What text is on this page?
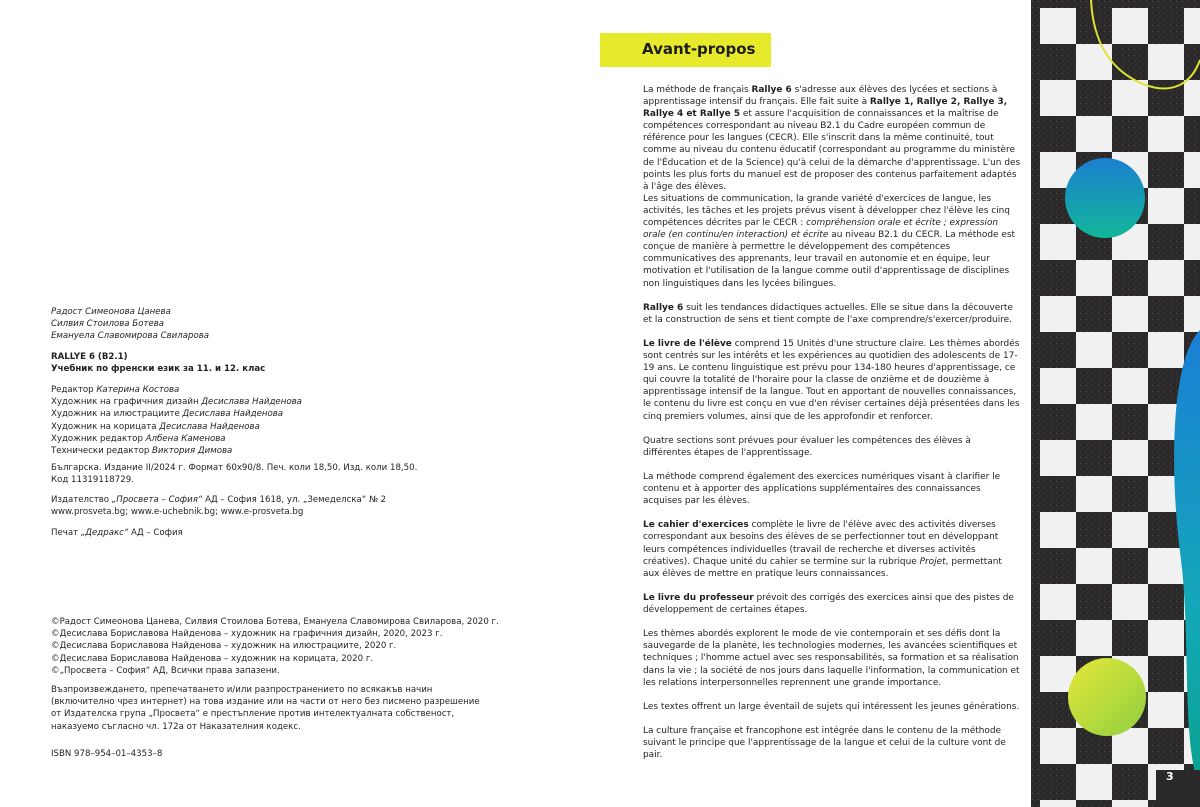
Радост Симеонова Цанева

Силвия Стоилова Ботева

Емануела Славомирова Свиларова

RALLYE 6 (B2.1)

Учебник по френски език за 11. и 12. клас

Редактор Катерина Костова

Художник на графичния дизайн Десислава Найденова

Художник на илюстрациите Десислава Найденова

Художник на корицата Десислава Найденова

Художник редактор Албена Каменова

Технически редактор Виктория Димова

Българска. Издание II/2024 г. Формат 60х90/8. Печ. коли 18,50. Изд. коли 18,50.

Код 11319118729.

Издателство „Просвета – София“ АД – София 1618, ул. „Земеделска“ № 2

www.prosveta.bg; www.e-uchebnik.bg; www.e-prosveta.bg

Печат „Дедракс“ АД – София

©Радост Симеонова Цанева, Силвия Стоилова Ботева, Емануела Славомирова Свиларова, 2020 г.

©Десислава Бориславова Найденова – художник на графичния дизайн, 2020, 2023 г.

©Десислава Бориславова Найденова – художник на илюстрациите, 2020 г.

©Десислава Бориславова Найденова – художник на корицата, 2020 г.

©„Просвета – София“ АД, Всички права запазени.

Възпроизвеждането, препечатването и/или разпространението по всякакъв начин

(включително чрез интернет) на това издание или на части от него без писмено разрешение

от Издателска група „Просвета“ е престъпление против интелектуалната собственост,

наказуемо съгласно чл. 172а от Наказателния кодекс.

ISBN 978–954–01–4353–8

Avant-propos

La méthode de français Rallye 6 s'adresse aux élèves des lycées et sections à apprentissage intensif du français. Elle fait suite à Rallye 1, Rallye 2, Rallye 3, Rallye 4 et Rallye 5 et assure l'acquisition de connaissances et la maîtrise de compétences correspondant au niveau B2.1 du Cadre européen commun de référence pour les langues (CECR). Elle s'inscrit dans la même continuité, tout comme au niveau du contenu éducatif (correspondant au programme du ministère de l'Éducation et de la Science) qu'à celui de la démarche d'apprentissage. L'un des points les plus forts du manuel est de proposer des contenus parfaitement adaptés à l'âge des élèves.
Les situations de communication, la grande variété d'exercices de langue, les activités, les tâches et les projets prévus visent à développer chez l'élève les cinq compétences décrites par le CECR : compréhension orale et écrite ; expression orale (en continu/en interaction) et écrite au niveau B2.1 du CECR. La méthode est conçue de manière à permettre le développement des compétences communicatives des apprenants, leur travail en autonomie et en équipe, leur motivation et l'utilisation de la langue comme outil d'apprentissage de disciplines non linguistiques dans les lycées bilingues.

Rallye 6 suit les tendances didactiques actuelles. Elle se situe dans la découverte et la construction de sens et tient compte de l'axe comprendre/s'exercer/produire.

Le livre de l'élève comprend 15 Unités d'une structure claire. Les thèmes abordés sont centrés sur les intérêts et les expériences au quotidien des adolescents de 17-19 ans. Le contenu linguistique est prévu pour 134-180 heures d'apprentissage, ce qui couvre la totalité de l'horaire pour la classe de onzième et de douzième à apprentissage intensif de la langue. Tout en apportant de nouvelles connaissances, le contenu du livre est conçu en vue d'en réviser certaines déjà présentées dans les cinq premiers volumes, ainsi que de les approfondir et renforcer.

Quatre sections sont prévues pour évaluer les compétences des élèves à différentes étapes de l'apprentissage.

La méthode comprend également des exercices numériques visant à clarifier le contenu et à apporter des applications supplémentaires des connaissances acquises par les élèves.

Le cahier d'exercices complète le livre de l'élève avec des activités diverses correspondant aux besoins des élèves de se perfectionner tout en développant leurs compétences individuelles (travail de recherche et diverses activités créatives). Chaque unité du cahier se termine sur la rubrique Projet, permettant aux élèves de mettre en pratique leurs connaissances.

Le livre du professeur prévoit des corrigés des exercices ainsi que des pistes de développement de certaines étapes.

Les thèmes abordés explorent le mode de vie contemporain et ses défis dont la sauvegarde de la planète, les technologies modernes, les avancées scientifiques et techniques ; l'homme actuel avec ses responsabilités, sa formation et sa réalisation dans la vie ; la société de nos jours dans laquelle l'information, la communication et les relations interpersonnelles reprennent une grande importance.

Les textes offrent un large éventail de sujets qui intéressent les jeunes générations.

La culture française et francophone est intégrée dans le contenu de la méthode suivant le principe que l'apprentissage de la langue et celui de la culture vont de pair.

3
